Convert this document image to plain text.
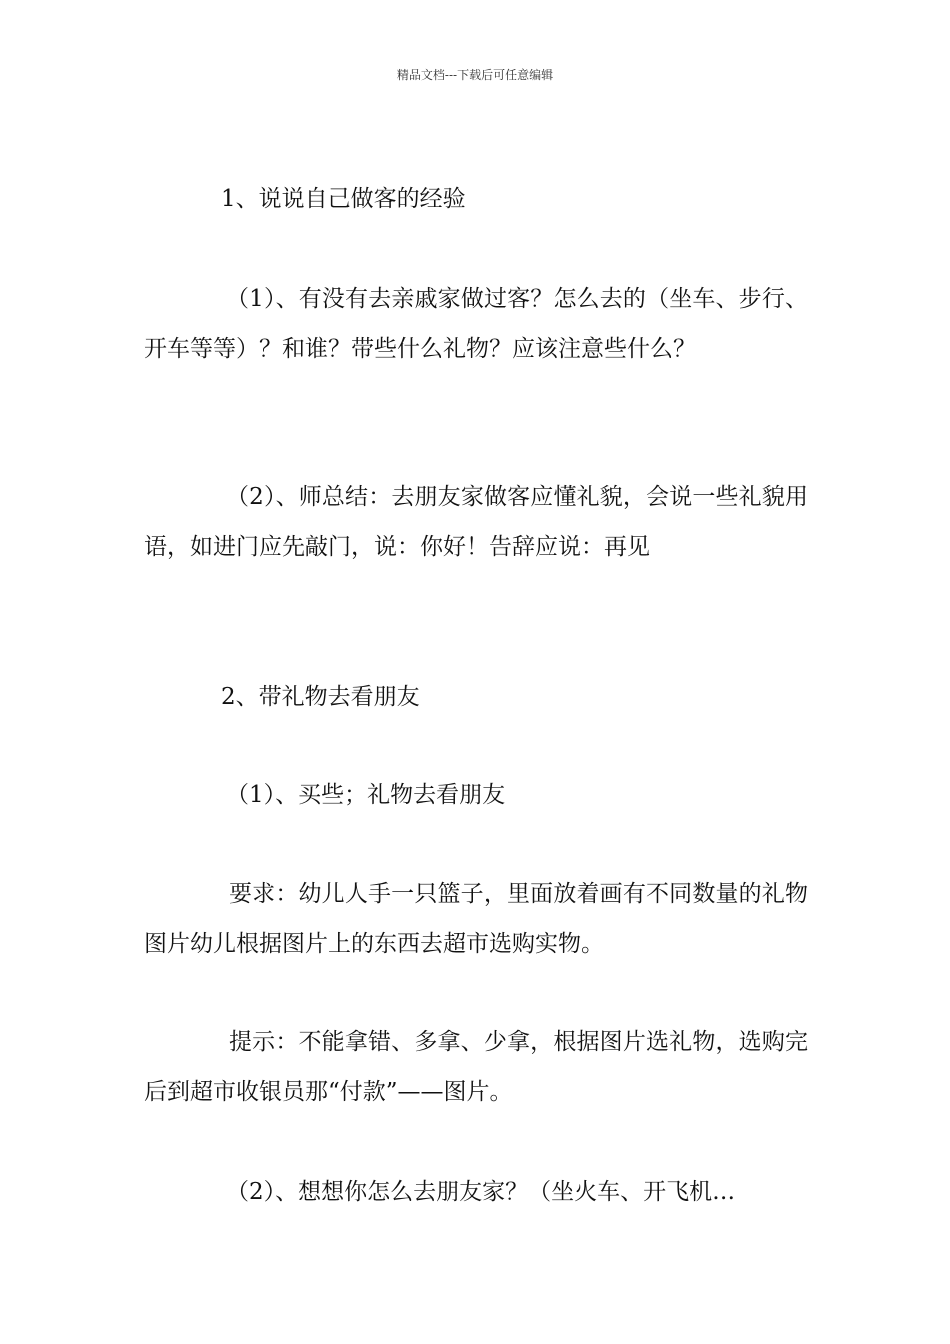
精品文档---下载后可任意编辑

1、说说自己做客的经验

（1）、有没有去亲戚家做过客？怎么去的（坐车、步行、开车等等）？和谁？带些什么礼物？应该注意些什么？

（2）、师总结：去朋友家做客应懂礼貌，会说一些礼貌用语，如进门应先敲门，说：你好！告辞应说：再见

2、带礼物去看朋友

（1）、买些；礼物去看朋友

要求：幼儿人手一只篮子，里面放着画有不同数量的礼物图片幼儿根据图片上的东西去超市选购实物。

提示：不能拿错、多拿、少拿，根据图片选礼物，选购完后到超市收银员那“付款”——图片。

（2）、想想你怎么去朋友家？（坐火车、开飞机…
